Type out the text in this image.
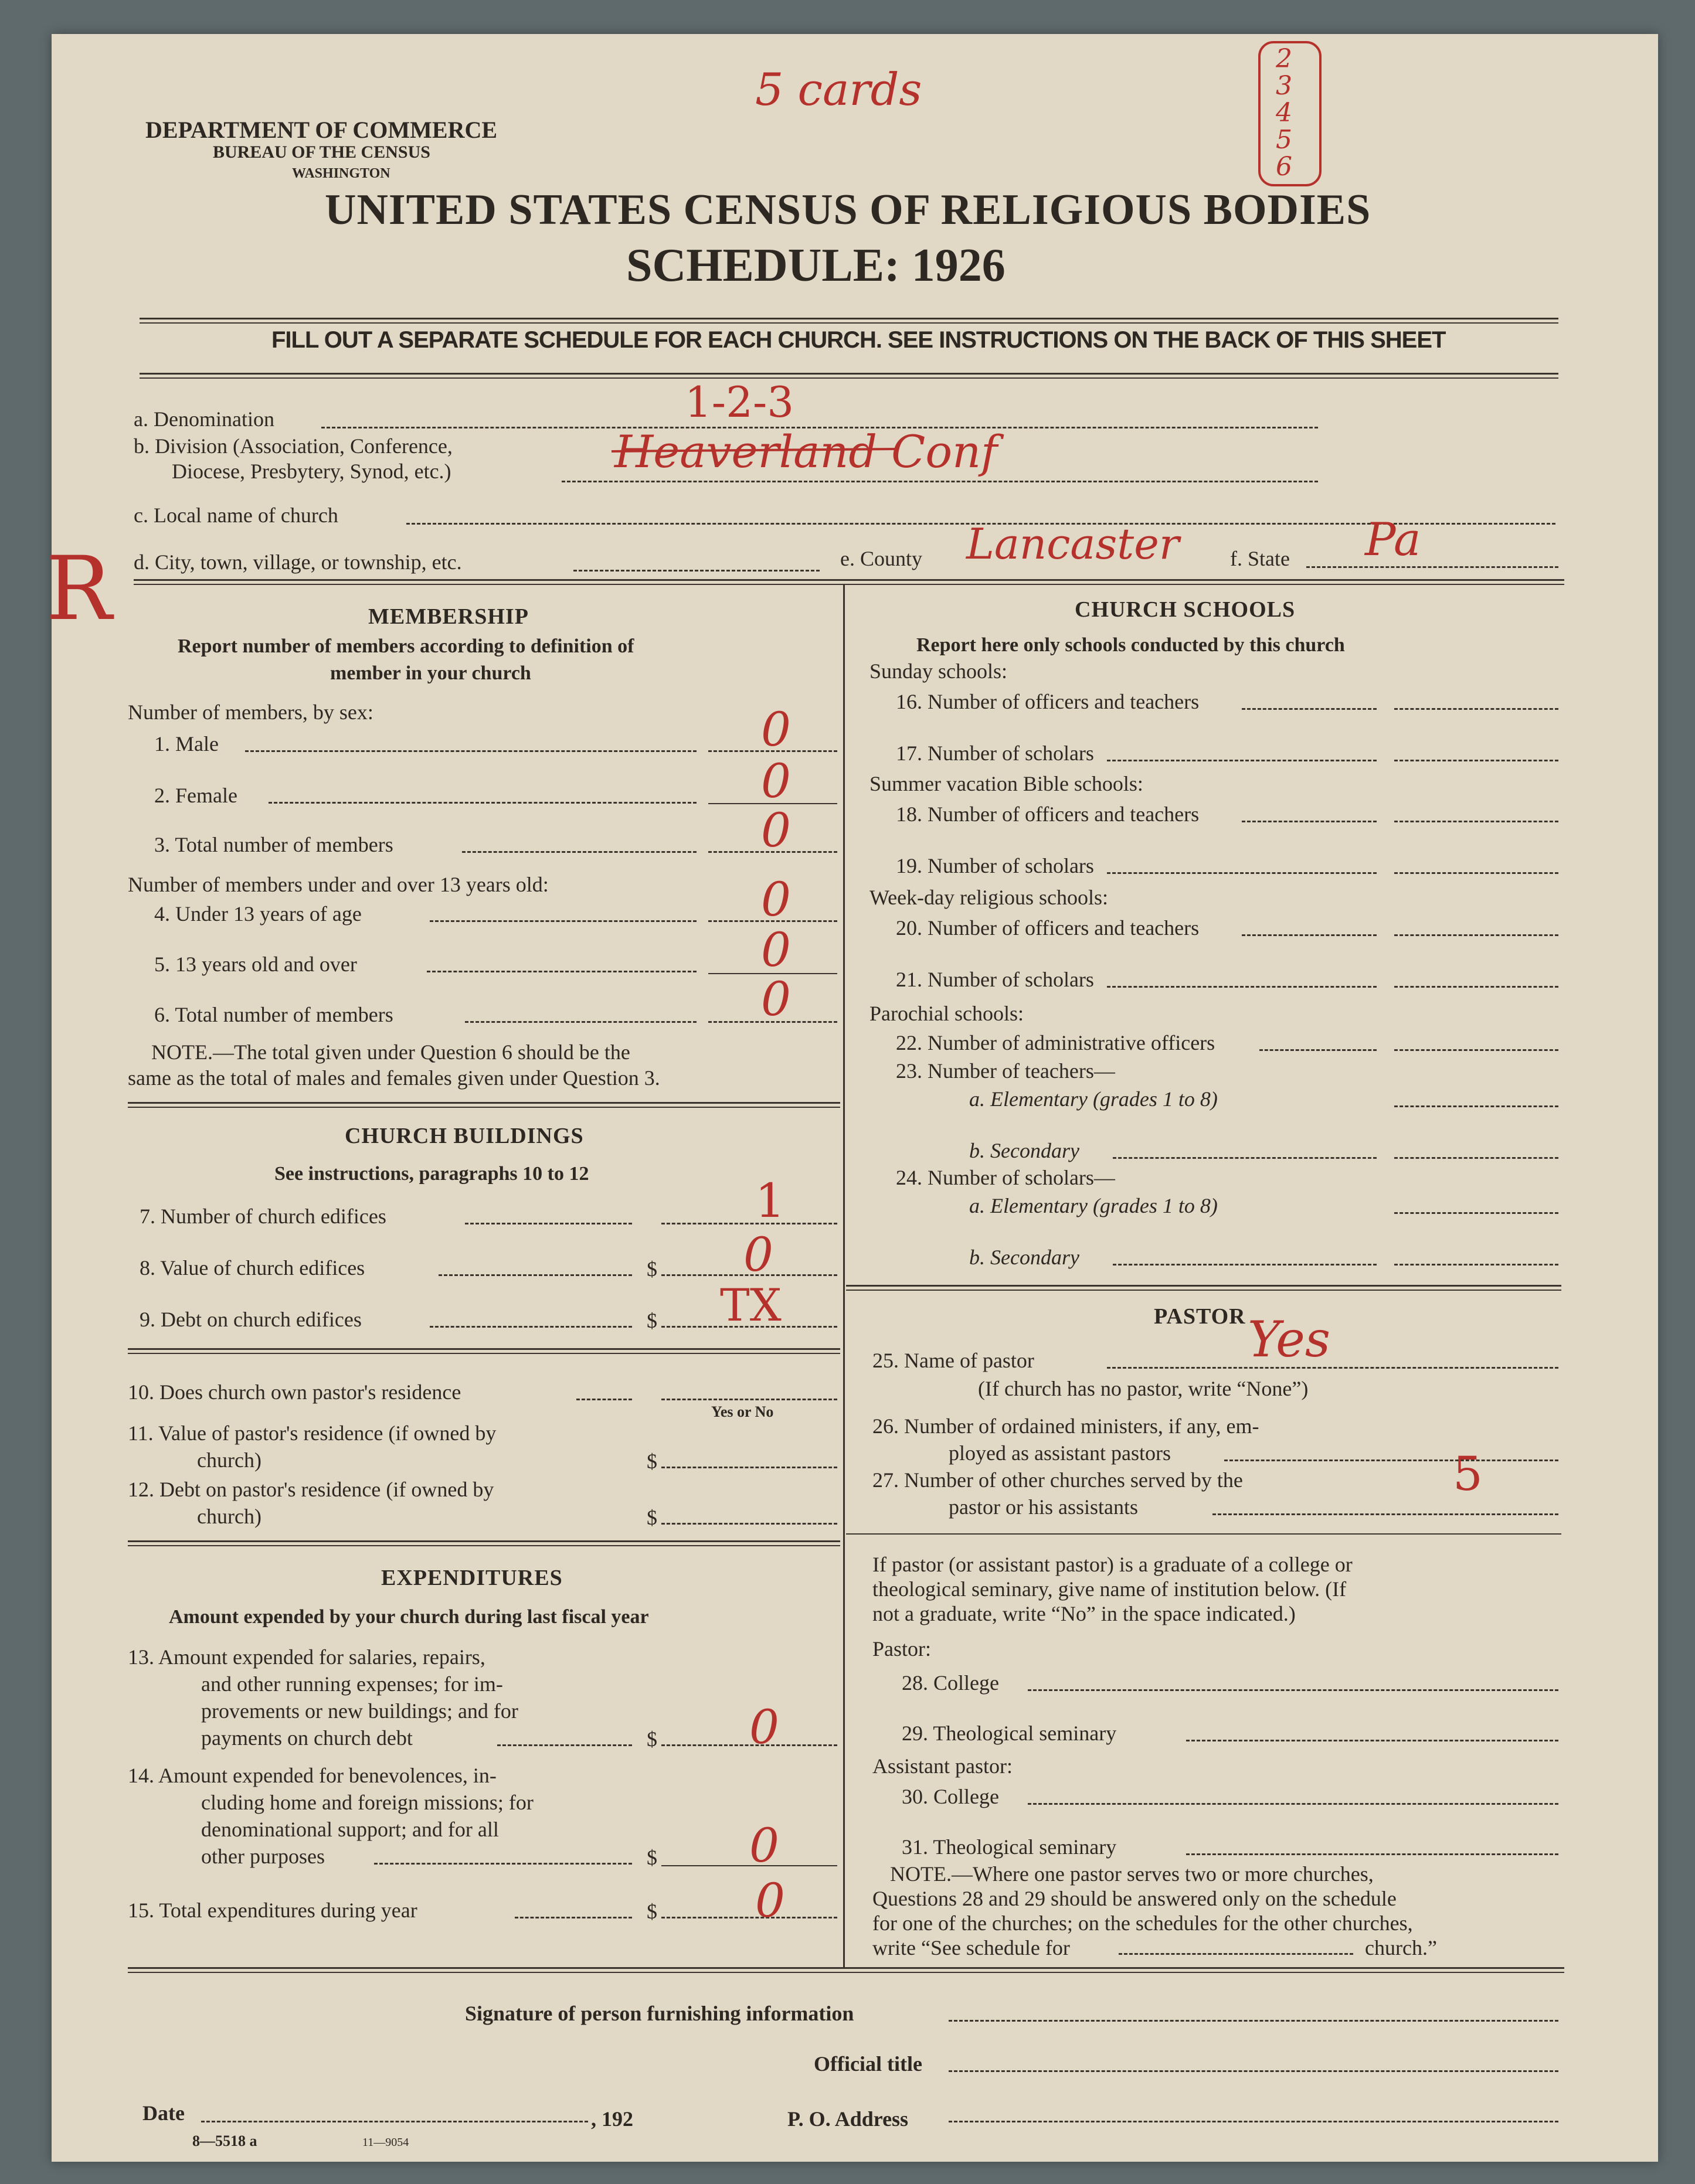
5 cards
2
3
4
5
6
R
DEPARTMENT OF COMMERCE
BUREAU OF THE CENSUS
WASHINGTON
UNITED STATES CENSUS OF RELIGIOUS BODIES
SCHEDULE: 1926
FILL OUT A SEPARATE SCHEDULE FOR EACH CHURCH. SEE INSTRUCTIONS ON THE BACK OF THIS SHEET
a. Denomination	1-2-3
b. Division (Association, Conference,
Diocese, Presbytery, Synod, etc.)	Heaverland Conf
c. Local name of church
d. City, town, village, or township, etc.	e. County Lancaster f. State Pa
MEMBERSHIP
Report number of members according to definition of
member in your church
Number of members, by sex:
1. Male	0
2. Female	0
3. Total number of members	0
Number of members under and over 13 years old:
4. Under 13 years of age	0
5. 13 years old and over	0
6. Total number of members	0
NOTE.—The total given under Question 6 should be the
same as the total of males and females given under Question 3.
CHURCH BUILDINGS
See instructions, paragraphs 10 to 12
7. Number of church edifices	1
8. Value of church edifices	$ 0
9. Debt on church edifices	$ TX
10. Does church own pastor's residence
Yes or No
11. Value of pastor's residence (if owned by
church)	$
12. Debt on pastor's residence (if owned by
church)	$
EXPENDITURES
Amount expended by your church during last fiscal year
13. Amount expended for salaries, repairs,
and other running expenses; for im-
provements or new buildings; and for
payments on church debt	$ 0
14. Amount expended for benevolences, in-
cluding home and foreign missions; for
denominational support; and for all
other purposes	$ 0
15. Total expenditures during year	$ 0
CHURCH SCHOOLS
Report here only schools conducted by this church
Sunday schools:
16. Number of officers and teachers
17. Number of scholars
Summer vacation Bible schools:
18. Number of officers and teachers
19. Number of scholars
Week-day religious schools:
20. Number of officers and teachers
21. Number of scholars
Parochial schools:
22. Number of administrative officers
23. Number of teachers—
a. Elementary (grades 1 to 8)
b. Secondary
24. Number of scholars—
a. Elementary (grades 1 to 8)
b. Secondary
PASTOR
25. Name of pastor	Yes
(If church has no pastor, write “None”)
26. Number of ordained ministers, if any, em-
ployed as assistant pastors
27. Number of other churches served by the
pastor or his assistants
5
If pastor (or assistant pastor) is a graduate of a college or
theological seminary, give name of institution below. (If
not a graduate, write “No” in the space indicated.)
Pastor:
28. College
29. Theological seminary
Assistant pastor:
30. College
31. Theological seminary
NOTE.—Where one pastor serves two or more churches,
Questions 28 and 29 should be answered only on the schedule
for one of the churches; on the schedules for the other churches,
write “See schedule for	church.”
Signature of person furnishing information
Official title
Date	, 192	P. O. Address
8—5518 a	11—9054
